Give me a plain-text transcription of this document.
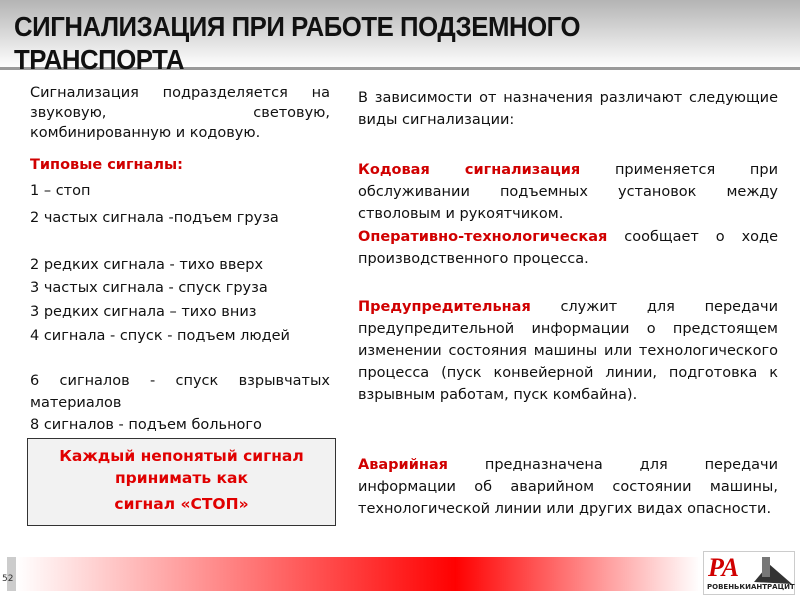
СИГНАЛИЗАЦИЯ ПРИ РАБОТЕ ПОДЗЕМНОГО ТРАНСПОРТА
Сигнализация подразделяется на звуковую, световую, комбинированную и кодовую.
Типовые сигналы:
1 – стоп
2 частых сигнала -подъем груза
2 редких сигнала - тихо вверх
3 частых сигнала - спуск груза
3 редких сигнала – тихо вниз
4 сигнала - спуск - подъем людей
6 сигналов - спуск взрывчатых материалов
8 сигналов - подъем больного
Каждый непонятый сигнал
принимать как
сигнал «СТОП»
В зависимости от назначения различают следующие виды сигнализации:
Кодовая сигнализация применяется при обслуживании подъемных установок между стволовым и рукоятчиком.
Оперативно-технологическая сообщает о ходе производственного процесса.
Предупредительная служит для передачи предупредительной информации о предстоящем изменении состояния машины или технологического процесса (пуск конвейерной линии, подготовка к взрывным работам, пуск комбайна).
Аварийная предназначена для передачи информации об аварийном состоянии машины, технологической линии или других видах опасности.
52	РА
РОВЕНЬКИАНТРАЦИТ
